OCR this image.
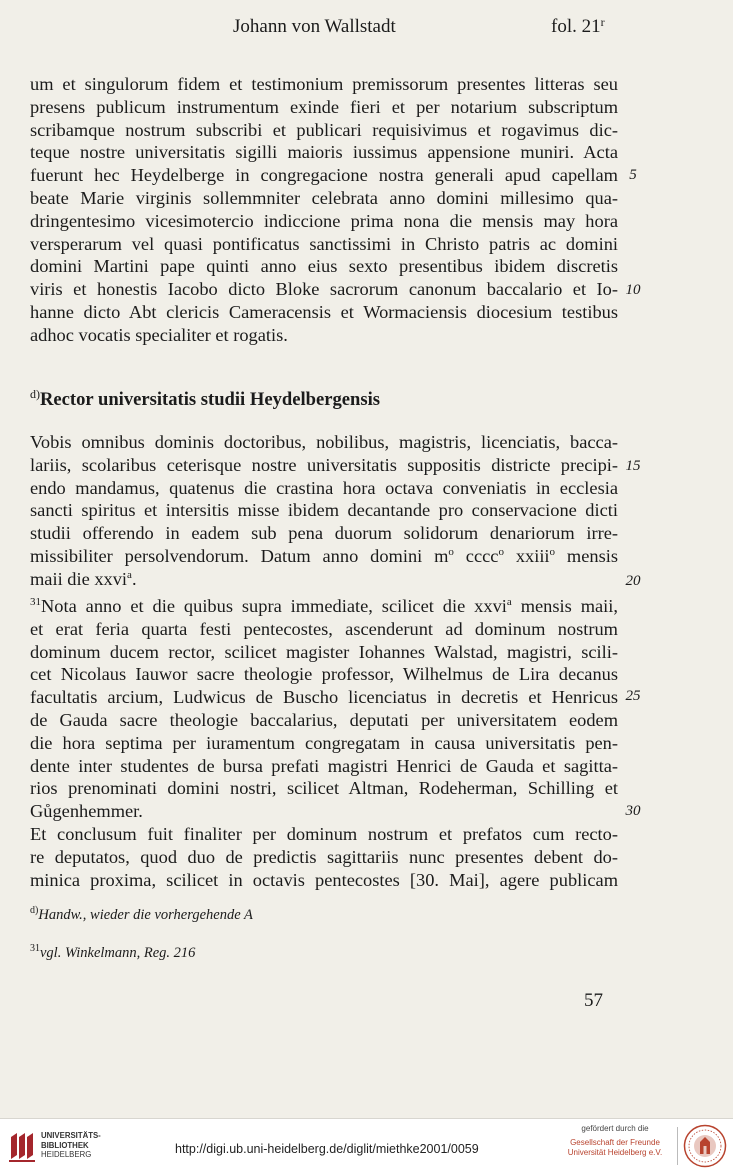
Johann von Wallstadt	fol. 21$^r$
um et singulorum fidem et testimonium premissorum presentes litteras seu
presens publicum instrumentum exinde fieri et per notarium subscriptum
scribamque nostrum subscribi et publicari requisivimus et rogavimus dic-
teque nostre universitatis sigilli maioris iussimus appensione muniri. Acta
fuerunt hec Heydelberge in congregacione nostra generali apud capellam
beate Marie virginis sollemmniter celebrata anno domini millesimo qua-
dringentesimo vicesimotercio indiccione prima nona die mensis may hora
versperarum vel quasi pontificatus sanctissimi in Christo patris ac domini
domini Martini pape quinti anno eius sexto presentibus ibidem discretis
viris et honestis Iacobo dicto Bloke sacrorum canonum baccalario et Io-
hanne dicto Abt clericis Cameracensis et Wormaciensis diocesium testibus
adhoc vocatis specialiter et rogatis.
$^{d)}$Rector universitatis studii Heydelbergensis
Vobis omnibus dominis doctoribus, nobilibus, magistris, licenciatis, bacca-
lariis, scolaribus ceterisque nostre universitatis suppositis districte precipi-
endo mandamus, quatenus die crastina hora octava conveniatis in ecclesia
sancti spiritus et intersitis misse ibidem decantande pro conservacione dicti
studii offerendo in eadem sub pena duorum solidorum denariorum irre-
missibiliter persolvendorum. Datum anno domini $m^o$ cccc$^o$ xxiii$^o$ mensis
maii die xxvi$^a$.
$^{31}$Nota anno et die quibus supra immediate, scilicet die xxvi$^a$ mensis maii,
et erat feria quarta festi pentecostes, ascenderunt ad dominum nostrum
dominum ducem rector, scilicet magister Iohannes Walstad, magistri, scili-
cet Nicolaus Iauwor sacre theologie professor, Wilhelmus de Lira decanus
facultatis arcium, Ludwicus de Buscho licenciatus in decretis et Henricus
de Gauda sacre theologie baccalarius, deputati per universitatem eodem
die hora septima per iuramentum congregatam in causa universitatis pen-
dente inter studentes de bursa prefati magistri Henrici de Gauda et sagitta-
rios prenominati domini nostri, scilicet Altman, Rodeherman, Schilling et
Gůgenhemmer.
Et conclusum fuit finaliter per dominum nostrum et prefatos cum recto-
re deputatos, quod duo de predictis sagittariis nunc presentes debent do-
minica proxima, scilicet in octavis pentecostes [30. Mai], agere publicam
5
10
15
20
25
30
$^{d)}$Handw., wieder die vorhergehende A
$^{31}$vgl. Winkelmann, Reg. 216
57
UNIVERSITÄTS-
BIBLIOTHEK
HEIDELBERG	http://digi.ub.uni-heidelberg.de/diglit/miethke2001/0059
gefördert durch die
Gesellschaft der Freunde
Universität Heidelberg e.V.
